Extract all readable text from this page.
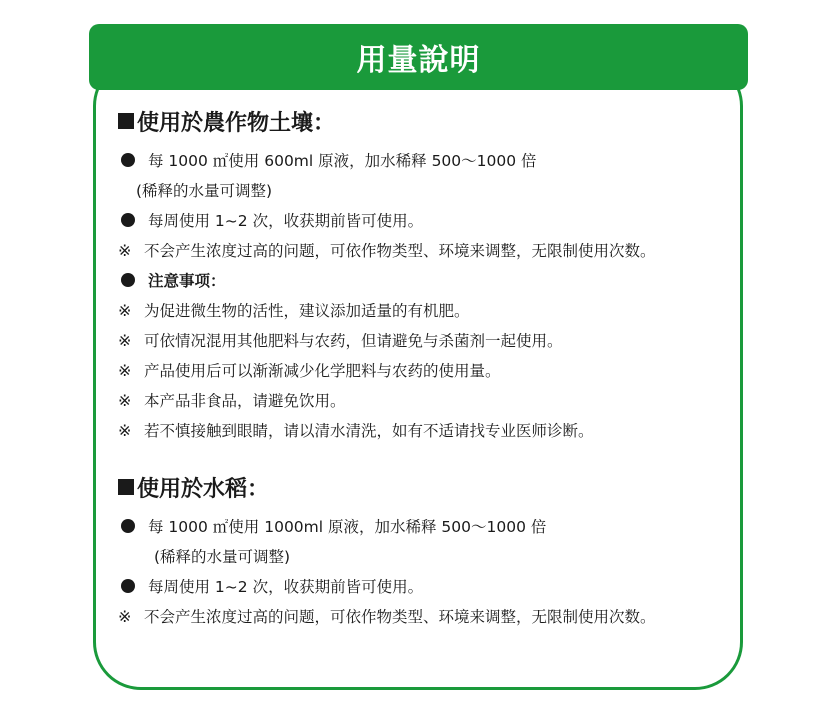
用量說明
使用於農作物土壤：
每 1000 ㎡使用 600ml 原液，加水稀释 500～1000 倍
(稀释的水量可调整)
每周使用 1~2 次，收获期前皆可使用。
※ 不会产生浓度过高的问题，可依作物类型、环境来调整，无限制使用次数。
注意事项：
※ 为促进微生物的活性，建议添加适量的有机肥。
※ 可依情况混用其他肥料与农药，但请避免与杀菌剂一起使用。
※ 产品使用后可以渐渐减少化学肥料与农药的使用量。
※ 本产品非食品，请避免饮用。
※ 若不慎接触到眼睛，请以清水清洗，如有不适请找专业医师诊断。
使用於水稻：
每 1000 ㎡使用 1000ml 原液，加水稀释 500～1000 倍
(稀释的水量可调整)
每周使用 1~2 次，收获期前皆可使用。
※ 不会产生浓度过高的问题，可依作物类型、环境来调整，无限制使用次数。
